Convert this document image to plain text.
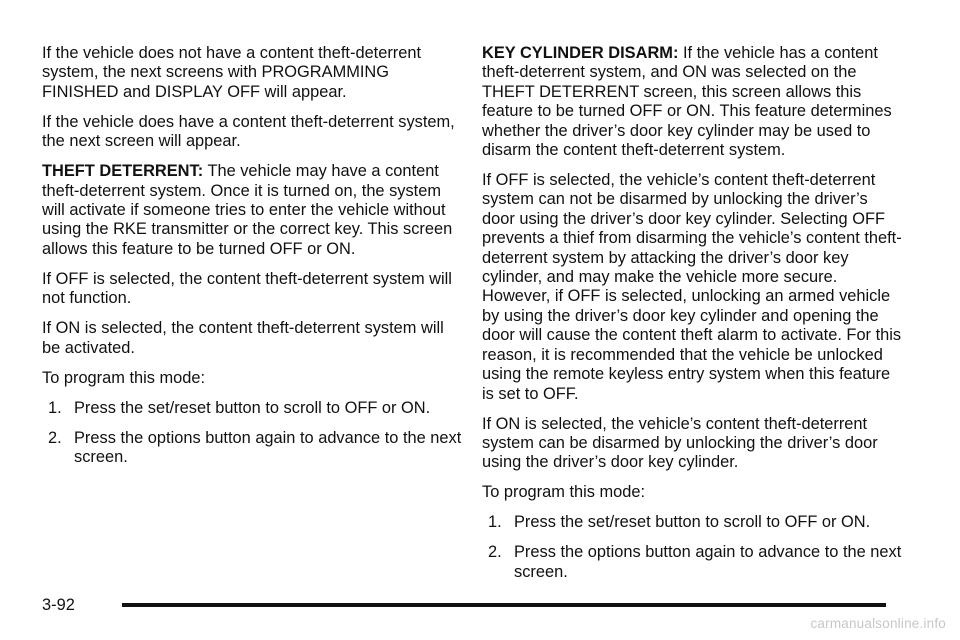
If the vehicle does not have a content theft-deterrent system, the next screens with PROGRAMMING FINISHED and DISPLAY OFF will appear.

If the vehicle does have a content theft-deterrent system, the next screen will appear.

THEFT DETERRENT: The vehicle may have a content theft-deterrent system. Once it is turned on, the system will activate if someone tries to enter the vehicle without using the RKE transmitter or the correct key. This screen allows this feature to be turned OFF or ON.

If OFF is selected, the content theft-deterrent system will not function.

If ON is selected, the content theft-deterrent system will be activated.

To program this mode:

1. Press the set/reset button to scroll to OFF or ON.
2. Press the options button again to advance to the next screen.

KEY CYLINDER DISARM: If the vehicle has a content theft-deterrent system, and ON was selected on the THEFT DETERRENT screen, this screen allows this feature to be turned OFF or ON. This feature determines whether the driver’s door key cylinder may be used to disarm the content theft-deterrent system.

If OFF is selected, the vehicle’s content theft-deterrent system can not be disarmed by unlocking the driver’s door using the driver’s door key cylinder. Selecting OFF prevents a thief from disarming the vehicle’s content theft-deterrent system by attacking the driver’s door key cylinder, and may make the vehicle more secure. However, if OFF is selected, unlocking an armed vehicle by using the driver’s door key cylinder and opening the door will cause the content theft alarm to activate. For this reason, it is recommended that the vehicle be unlocked using the remote keyless entry system when this feature is set to OFF.

If ON is selected, the vehicle’s content theft-deterrent system can be disarmed by unlocking the driver’s door using the driver’s door key cylinder.

To program this mode:

1. Press the set/reset button to scroll to OFF or ON.
2. Press the options button again to advance to the next screen.
3-92
carmanualsonline.info
